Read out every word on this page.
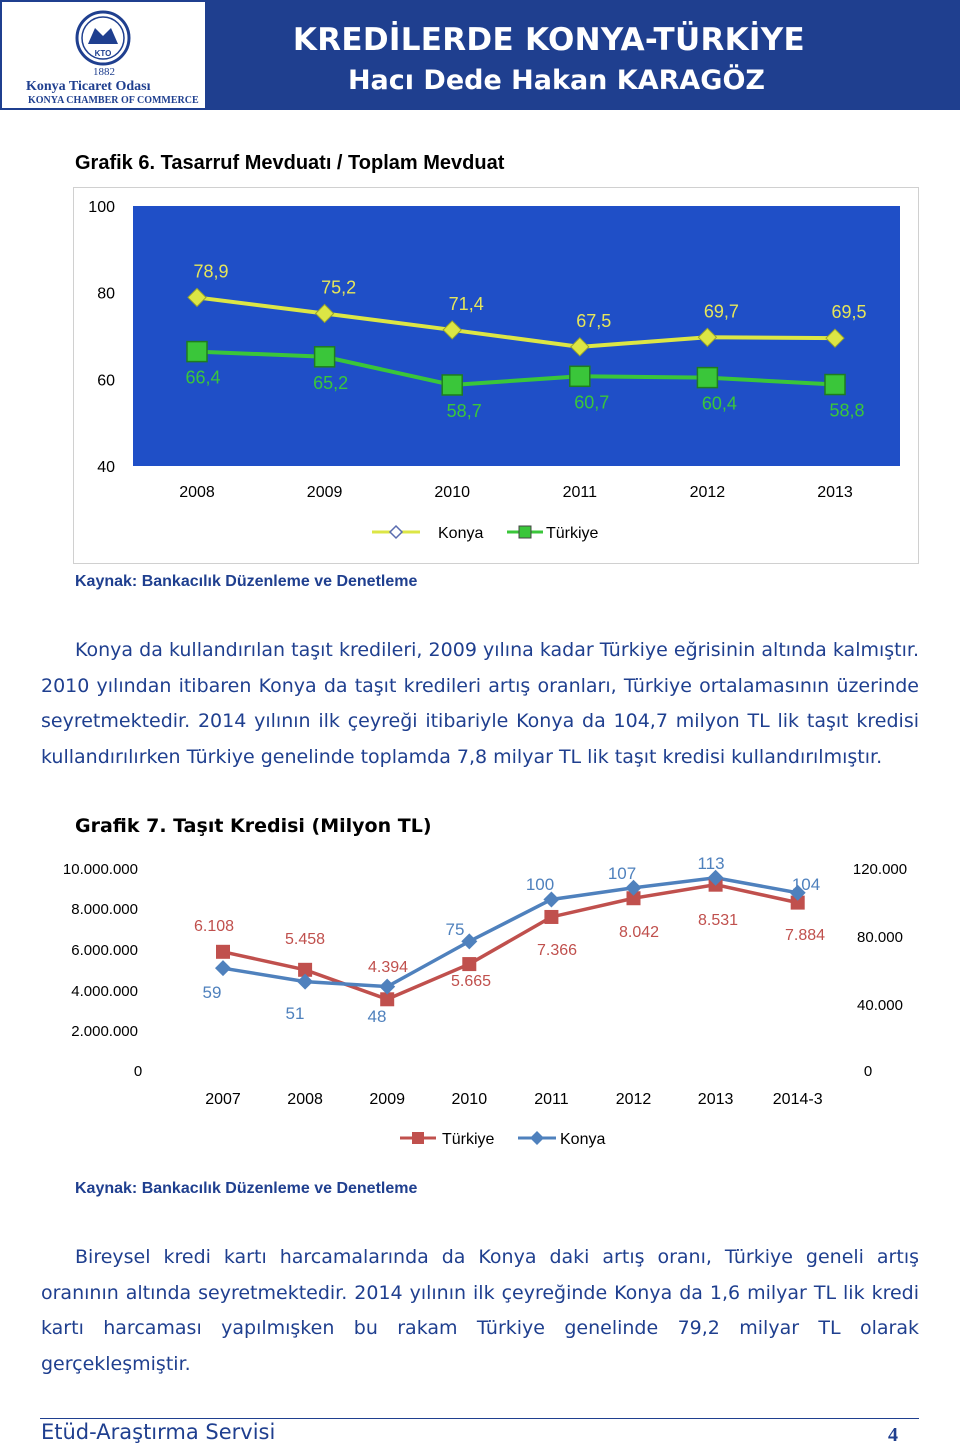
KTO
1882
Konya Ticaret Odası
KONYA CHAMBER OF COMMERCE
KREDİLERDE KONYA-TÜRKİYE
Hacı Dede Hakan KARAGÖZ
Grafik 6. Tasarruf Mevduatı / Toplam Mevduat
40
60
80
100
2008	2009	2010	2011	2012	2013
78,9
75,2
71,4
67,5	69,7	69,5
66,4	65,2
58,7	60,7	60,4	58,8
Konya	Türkiye
Kaynak: Bankacılık Düzenleme ve Denetleme
Konya da kullandırılan taşıt kredileri, 2009 yılına kadar Türkiye eğrisinin altında kalmıştır. 2010 yılından itibaren Konya da taşıt kredileri artış oranları, Türkiye ortalamasının üzerinde seyretmektedir. 2014 yılının ilk çeyreği itibariyle Konya da 104,7 milyon TL lik taşıt kredisi kullandırılırken Türkiye genelinde toplamda 7,8 milyar TL lik taşıt kredisi kullandırılmıştır.
Grafik 7. Taşıt Kredisi (Milyon TL)
0
2.000.000
4.000.000
6.000.000
8.000.000
10.000.000
0
40.000
80.000
120.000
2007	2008	2009	2010	2011	2012	2013 2014-3
6.108
5.458
4.394
5.665
7.366
8.042
8.531
7.884
59
51	48
75
100
107
113
104
Türkiye	Konya
Kaynak: Bankacılık Düzenleme ve Denetleme
Bireysel kredi kartı harcamalarında da Konya daki artış oranı, Türkiye geneli artış oranının altında seyretmektedir. 2014 yılının ilk çeyreğinde Konya da 1,6 milyar TL lik kredi kartı harcaması yapılmışken bu rakam Türkiye genelinde 79,2 milyar TL olarak gerçekleşmiştir.
Etüd-Araştırma Servisi	4
